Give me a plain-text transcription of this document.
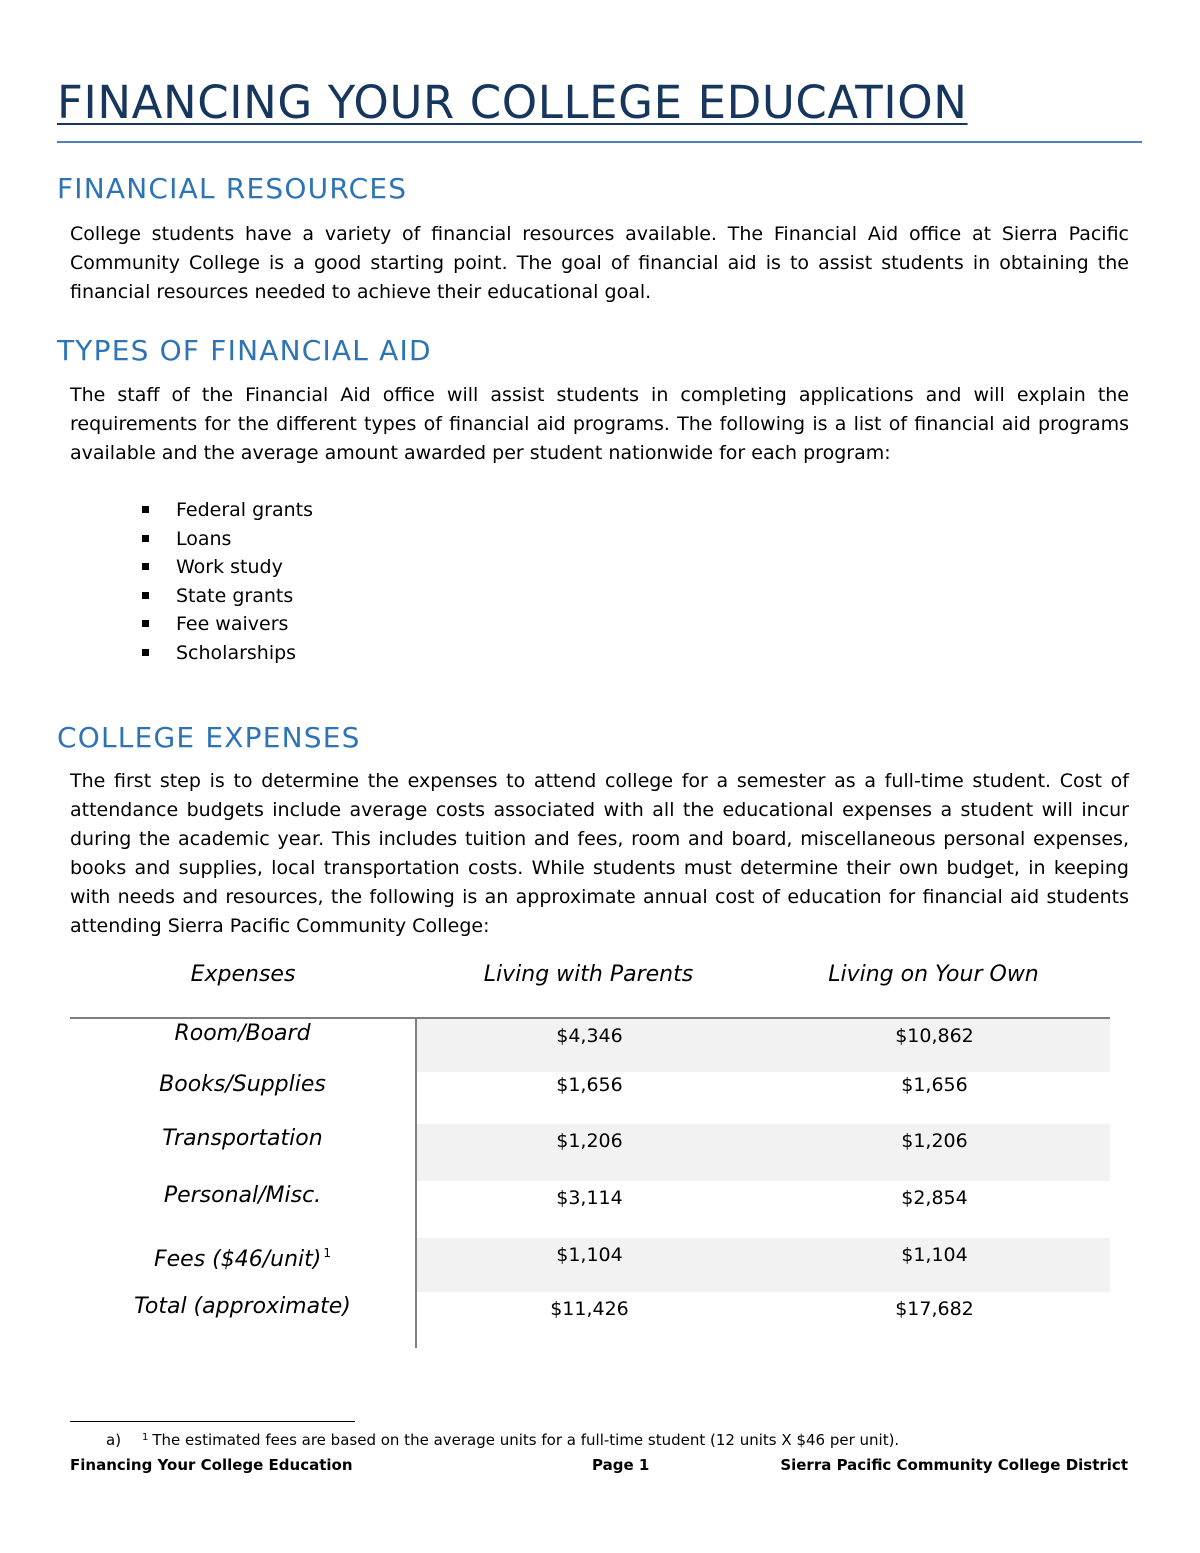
FINANCING YOUR COLLEGE EDUCATION
FINANCIAL RESOURCES

College students have a variety of financial resources available. The Financial Aid office at Sierra Pacific Community College is a good starting point. The goal of financial aid is to assist students in obtaining the financial resources needed to achieve their educational goal.

TYPES OF FINANCIAL AID

The staff of the Financial Aid office will assist students in completing applications and will explain the requirements for the different types of financial aid programs. The following is a list of financial aid programs available and the average amount awarded per student nationwide for each program:

Federal grants
Loans
Work study
State grants
Fee waivers
Scholarships
COLLEGE EXPENSES

The first step is to determine the expenses to attend college for a semester as a full-time student. Cost of attendance budgets include average costs associated with all the educational expenses a student will incur during the academic year. This includes tuition and fees, room and board, miscellaneous personal expenses, books and supplies, local transportation costs. While students must determine their own budget, in keeping with needs and resources, the following is an approximate annual cost of education for financial aid students attending Sierra Pacific Community College:

Expenses	Living with Parents	Living on Your Own
Room/Board	$4,346	$10,862
Books/Supplies	$1,656	$1,656
Transportation	$1,206	$1,206
Personal/Misc.	$3,114	$2,854
Fees ($46/unit) $^1$	$1,104	$1,104
Total (approximate)	$11,426	$17,682
a) $^1$ The estimated fees are based on the average units for a full-time student (12 units X $46 per unit).
Financing Your College Education	Page 1	Sierra Pacific Community College District
